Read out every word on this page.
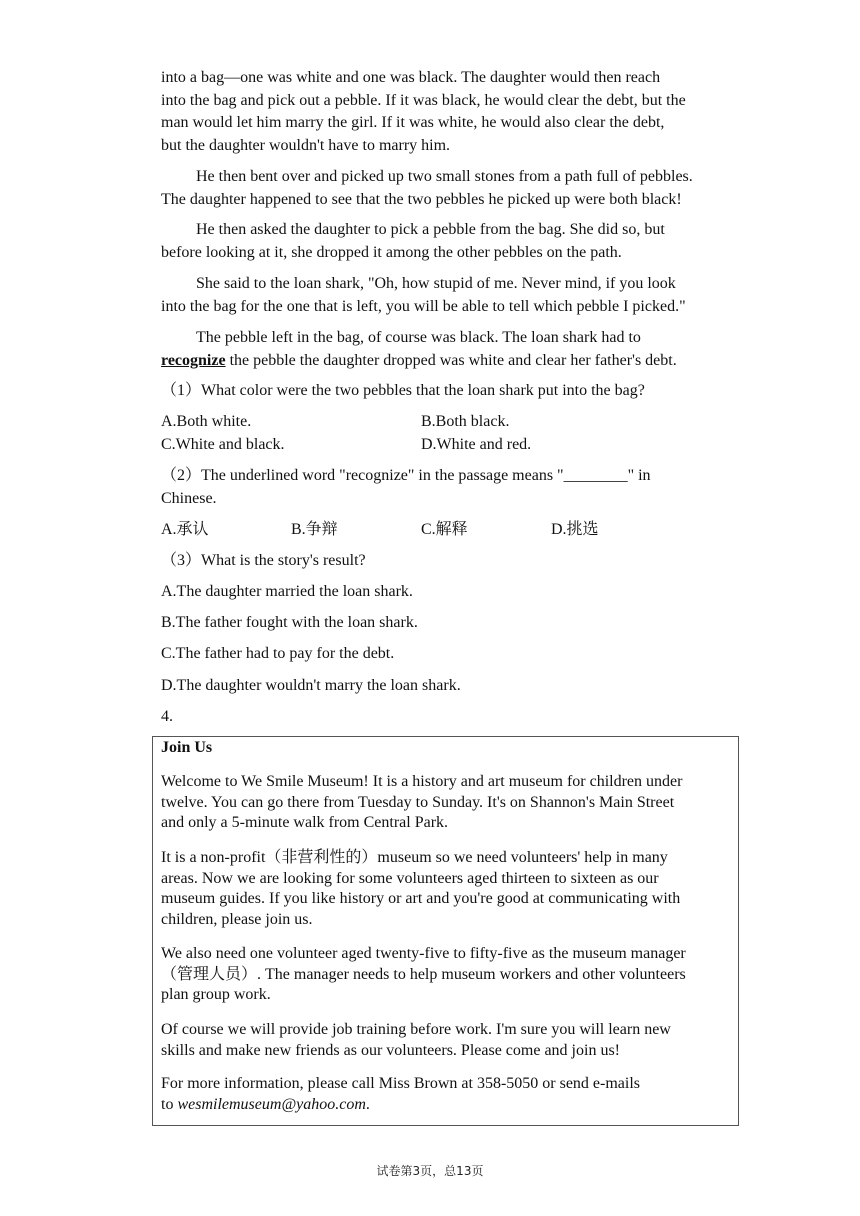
into a bag—one was white and one was black. The daughter would then reach
into the bag and pick out a pebble. If it was black, he would clear the debt, but the
man would let him marry the girl. If it was white, he would also clear the debt,
but the daughter wouldn't have to marry him.
He then bent over and picked up two small stones from a path full of pebbles.
The daughter happened to see that the two pebbles he picked up were both black!
He then asked the daughter to pick a pebble from the bag. She did so, but
before looking at it, she dropped it among the other pebbles on the path.
She said to the loan shark, "Oh, how stupid of me. Never mind, if you look
into the bag for the one that is left, you will be able to tell which pebble I picked."
The pebble left in the bag, of course was black. The loan shark had to
recognize the pebble the daughter dropped was white and clear her father's debt.
（1）What color were the two pebbles that the loan shark put into the bag?
A.Both white.	B.Both black.
C.White and black.	D.White and red.
（2）The underlined word "recognize" in the passage means "________" in
Chinese.
A.承认	B.争辩	C.解释	D.挑选
（3）What is the story's result?
A.The daughter married the loan shark.
B.The father fought with the loan shark.
C.The father had to pay for the debt.
D.The daughter wouldn't marry the loan shark.
4.
Join Us
Welcome to We Smile Museum! It is a history and art museum for children under
twelve. You can go there from Tuesday to Sunday. It's on Shannon's Main Street
and only a 5-minute walk from Central Park.
It is a non-profit（非营利性的）museum so we need volunteers' help in many
areas. Now we are looking for some volunteers aged thirteen to sixteen as our
museum guides. If you like history or art and you're good at communicating with
children, please join us.
We also need one volunteer aged twenty-five to fifty-five as the museum manager
（管理人员）. The manager needs to help museum workers and other volunteers
plan group work.
Of course we will provide job training before work. I'm sure you will learn new
skills and make new friends as our volunteers. Please come and join us!
For more information, please call Miss Brown at 358-5050 or send e-mails
to wesmilemuseum@yahoo.com.
试卷第3页，总13页
